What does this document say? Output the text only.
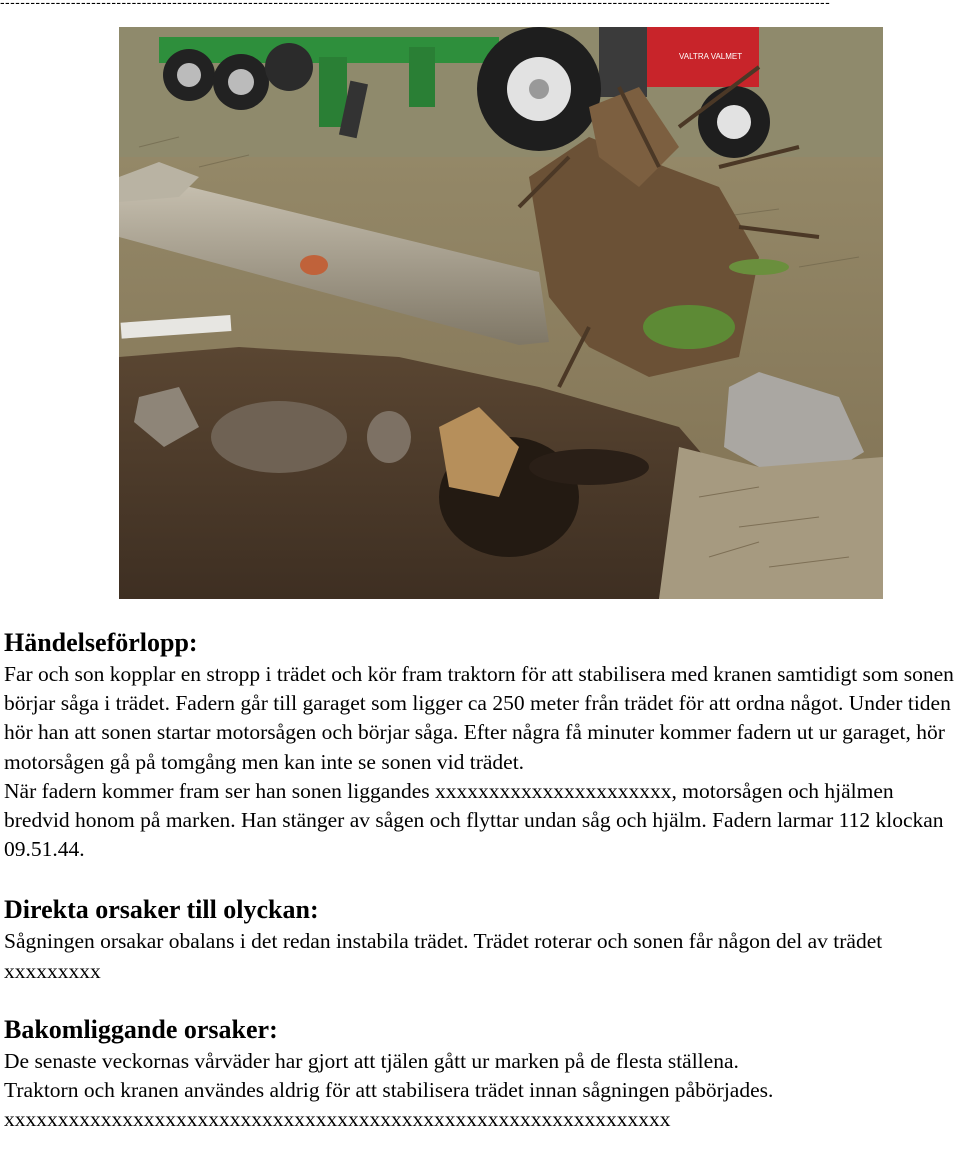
--------------------------------------------------------------------------------------------------------------------------------------------------------------------
VALTRA VALMET
Händelseförlopp:

Far och son kopplar en stropp i trädet och kör fram traktorn för att stabilisera med kranen samtidigt som sonen börjar såga i trädet. Fadern går till garaget som ligger ca 250 meter från trädet för att ordna något. Under tiden hör han att sonen startar motorsågen och börjar såga. Efter några få minuter kommer fadern ut ur garaget, hör motorsågen gå på tomgång men kan inte se sonen vid trädet.

När fadern kommer fram ser han sonen liggandes xxxxxxxxxxxxxxxxxxxxxx, motorsågen och hjälmen bredvid honom på marken. Han stänger av sågen och flyttar undan såg och hjälm. Fadern larmar 112 klockan 09.51.44.

Direkta orsaker till olyckan:

Sågningen orsakar obalans i det redan instabila trädet. Trädet roterar och sonen får någon del av trädet xxxxxxxxx

Bakomliggande orsaker:

De senaste veckornas vårväder har gjort att tjälen gått ur marken på de flesta ställena.

Traktorn och kranen användes aldrig för att stabilisera trädet innan sågningen påbörjades.

xxxxxxxxxxxxxxxxxxxxxxxxxxxxxxxxxxxxxxxxxxxxxxxxxxxxxxxxxxxxxx
